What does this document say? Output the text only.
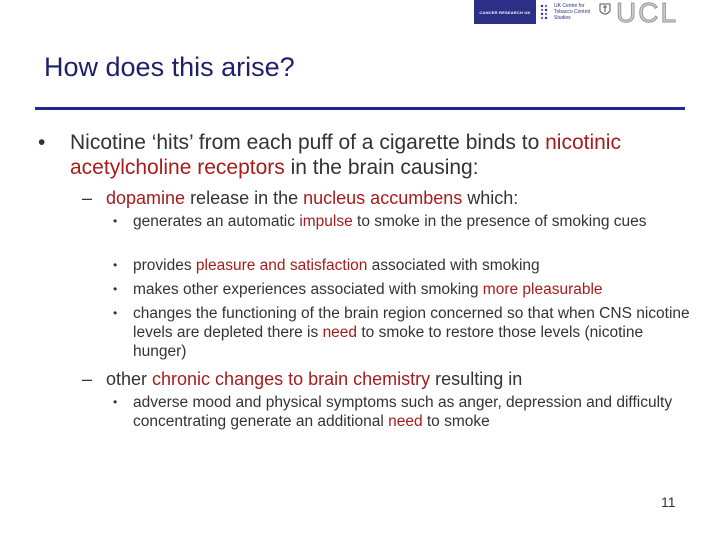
CANCER RESEARCH UK
UK Centre for Tobacco Control Studies	UCL
How does this arise?
• Nicotine ‘hits’ from each puff of a cigarette binds to nicotinic acetylcholine receptors in the brain causing:
– dopamine release in the nucleus accumbens which:
• generates an automatic impulse to smoke in the presence of smoking cues
• provides pleasure and satisfaction associated with smoking
• makes other experiences associated with smoking more pleasurable
• changes the functioning of the brain region concerned so that when CNS nicotine levels are depleted there is need to smoke to restore those levels (nicotine hunger)
– other chronic changes to brain chemistry resulting in
• adverse mood and physical symptoms such as anger, depression and difficulty concentrating generate an additional need to smoke
11
